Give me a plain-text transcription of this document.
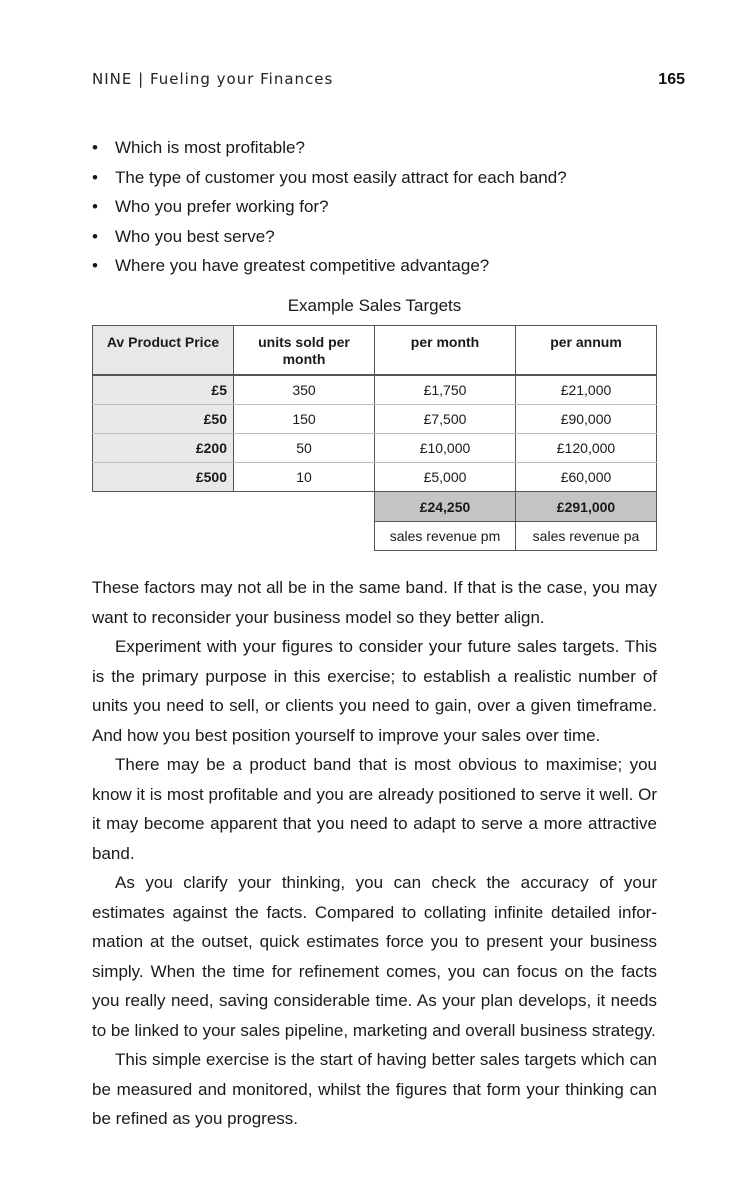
NINE | Fueling your Finances	165
• Which is most profitable?
• The type of customer you most easily attract for each band?
• Who you prefer working for?
• Who you best serve?
• Where you have greatest competitive advantage?
Example Sales Targets
Av Product Price	units sold per month	per month	per annum
£5	350	£1,750	£21,000
£50	150	£7,500	£90,000
£200	50	£10,000	£120,000
£500	10	£5,000	£60,000
		£24,250	£291,000
		sales revenue pm	sales revenue pa

These factors may not all be in the same band. If that is the case, you may want to reconsider your business model so they better align.

Experiment with your figures to consider your future sales targets. This is the primary purpose in this exercise; to establish a realistic number of units you need to sell, or clients you need to gain, over a given timeframe. And how you best position yourself to improve your sales over time.

There may be a product band that is most obvious to maximise; you know it is most profitable and you are already positioned to serve it well. Or it may become apparent that you need to adapt to serve a more attractive band.

As you clarify your thinking, you can check the accuracy of your estimates against the facts. Compared to collating infinite detailed information at the outset, quick estimates force you to present your business simply. When the time for refinement comes, you can focus on the facts you really need, saving considerable time. As your plan develops, it needs to be linked to your sales pipeline, marketing and overall business strategy.

This simple exercise is the start of having better sales targets which can be measured and monitored, whilst the figures that form your thinking can be refined as you progress.
